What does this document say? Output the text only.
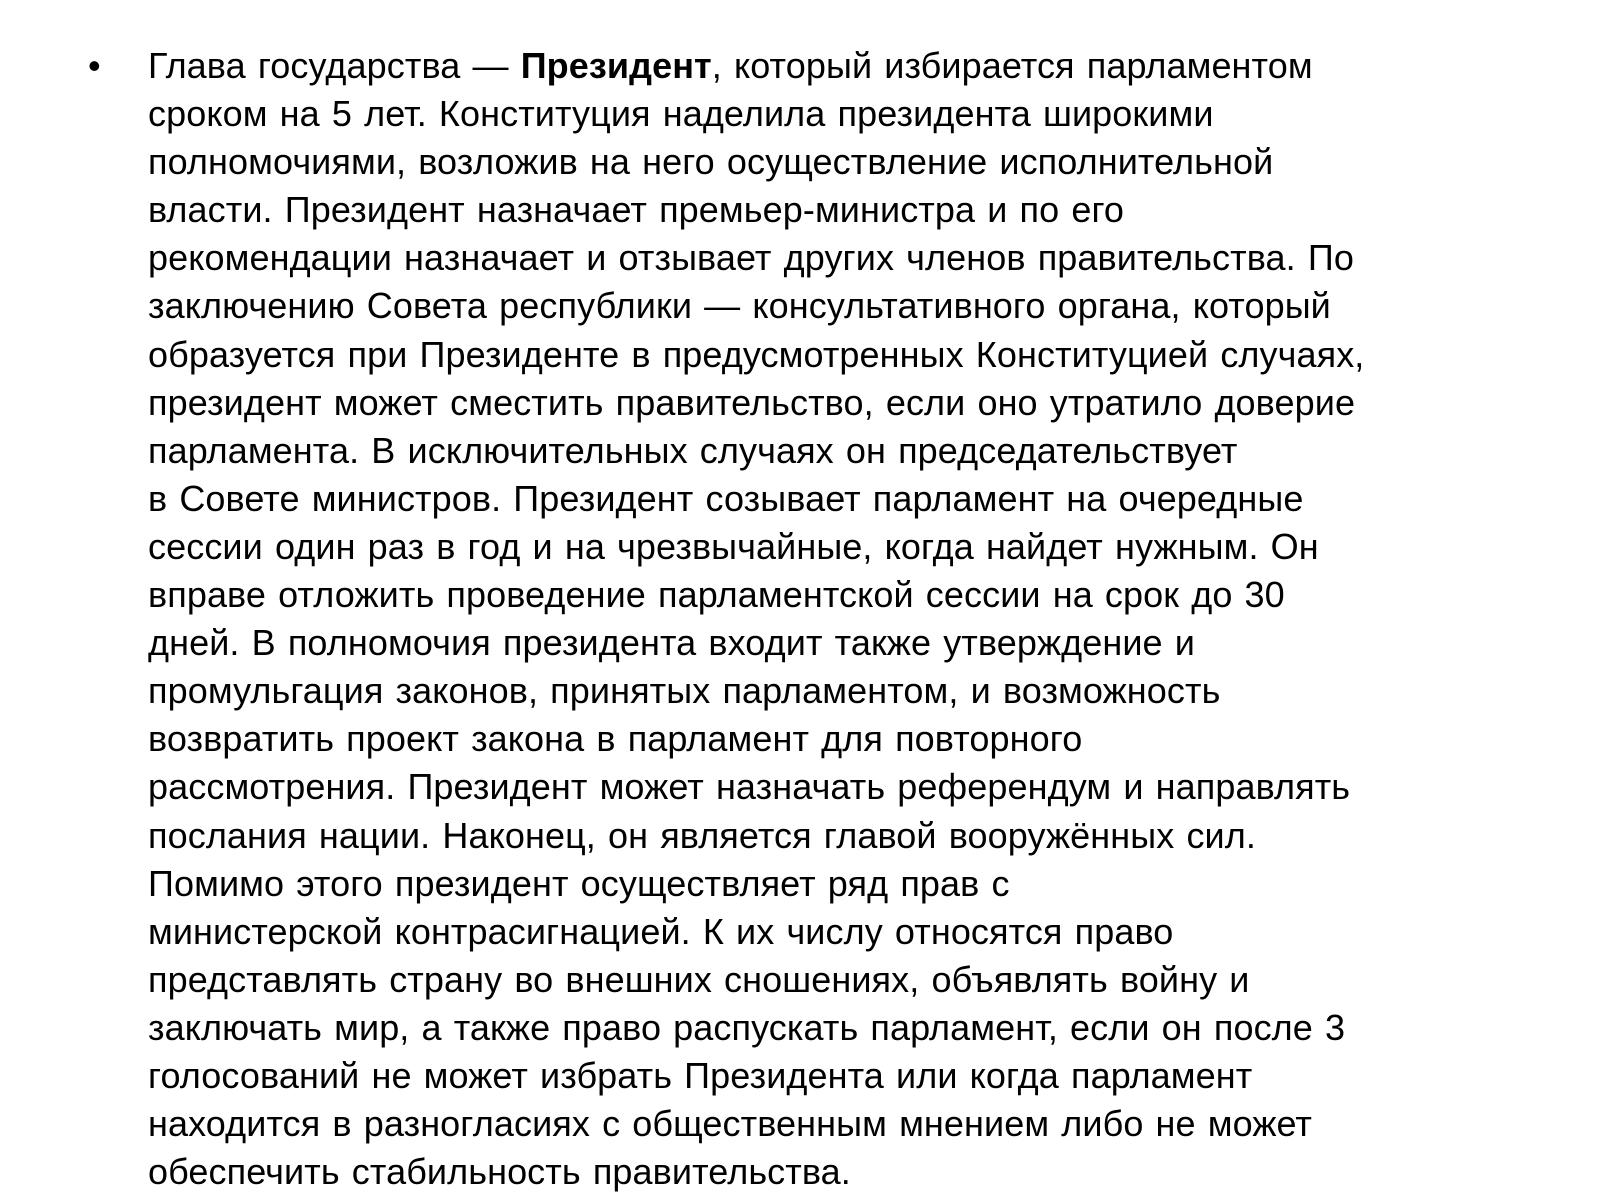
• Глава государства — Президент, который избирается парламентом
сроком на 5 лет. Конституция наделила президента широкими
полномочиями, возложив на него осуществление исполнительной
власти. Президент назначает премьер-министра и по его
рекомендации назначает и отзывает других членов правительства. По
заключению Совета республики — консультативного органа, который
образуется при Президенте в предусмотренных Конституцией случаях,
президент может сместить правительство, если оно утратило доверие
парламента. В исключительных случаях он председательствует
в Совете министров. Президент созывает парламент на очередные
сессии один раз в год и на чрезвычайные, когда найдет нужным. Он
вправе отложить проведение парламентской сессии на срок до 30
дней. В полномочия президента входит также утверждение и
промульгация законов, принятых парламентом, и возможность
возвратить проект закона в парламент для повторного
рассмотрения. Президент может назначать референдум и направлять
послания нации. Наконец, он является главой вооружённых сил.
Помимо этого президент осуществляет ряд прав с
министерской контрасигнацией. К их числу относятся право
представлять страну во внешних сношениях, объявлять войну и
заключать мир, а также право распускать парламент, если он после 3
голосований не может избрать Президента или когда парламент
находится в разногласиях с общественным мнением либо не может
обеспечить стабильность правительства.
